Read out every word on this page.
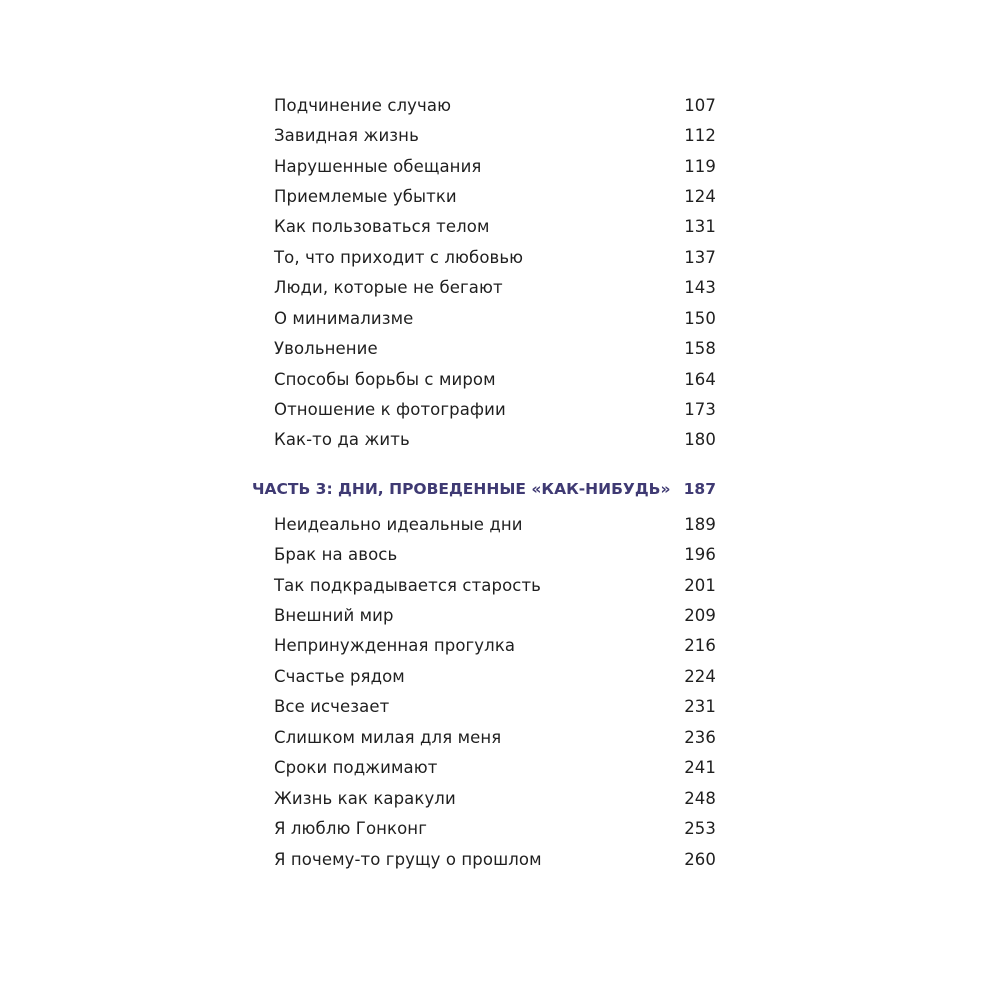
Подчинение случаю	107
Завидная жизнь	112
Нарушенные обещания	119
Приемлемые убытки	124
Как пользоваться телом	131
То, что приходит с любовью	137
Люди, которые не бегают	143
О минимализме	150
Увольнение	158
Способы борьбы с миром	164
Отношение к фотографии	173
Как-то да жить	180
ЧАСТЬ 3: ДНИ, ПРОВЕДЕННЫЕ «КАК-НИБУДЬ» 187
Неидеально идеальные дни	189
Брак на авось	196
Так подкрадывается старость	201
Внешний мир	209
Непринужденная прогулка	216
Счастье рядом	224
Все исчезает	231
Слишком милая для меня	236
Сроки поджимают	241
Жизнь как каракули	248
Я люблю Гонконг	253
Я почему-то грущу о прошлом	260
